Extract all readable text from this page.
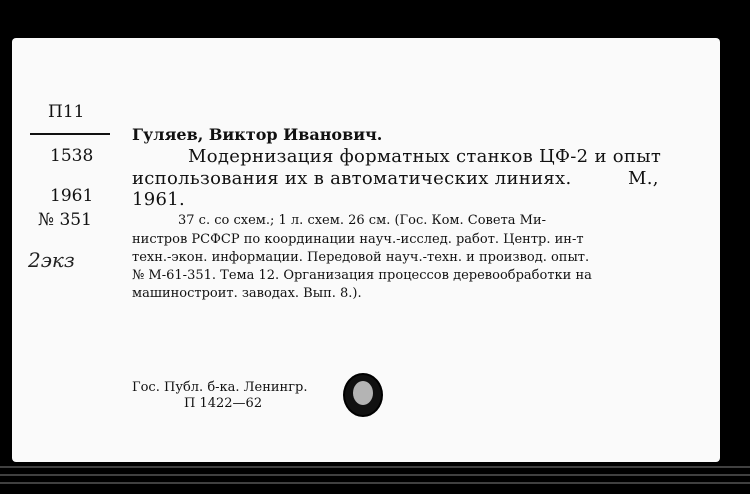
П11
1538
1961
№ 351
2экз
Гуляев, Виктор Иванович.
Модернизация форматных станков ЦФ-2 и опыт
использования их в автоматических линиях.	М.,
1961.
37 с. со схем.; 1 л. схем. 26 см. (Гос. Ком. Совета Ми-
нистров РСФСР по координации науч.-исслед. работ. Центр. ин-т
техн.-экон. информации. Передовой науч.-техн. и производ. опыт.
№ М-61-351. Тема 12. Организация процессов деревообработки на
машиностроит. заводах. Вып. 8.).
Гос. Публ. б-ка. Ленингр.
П 1422—62
